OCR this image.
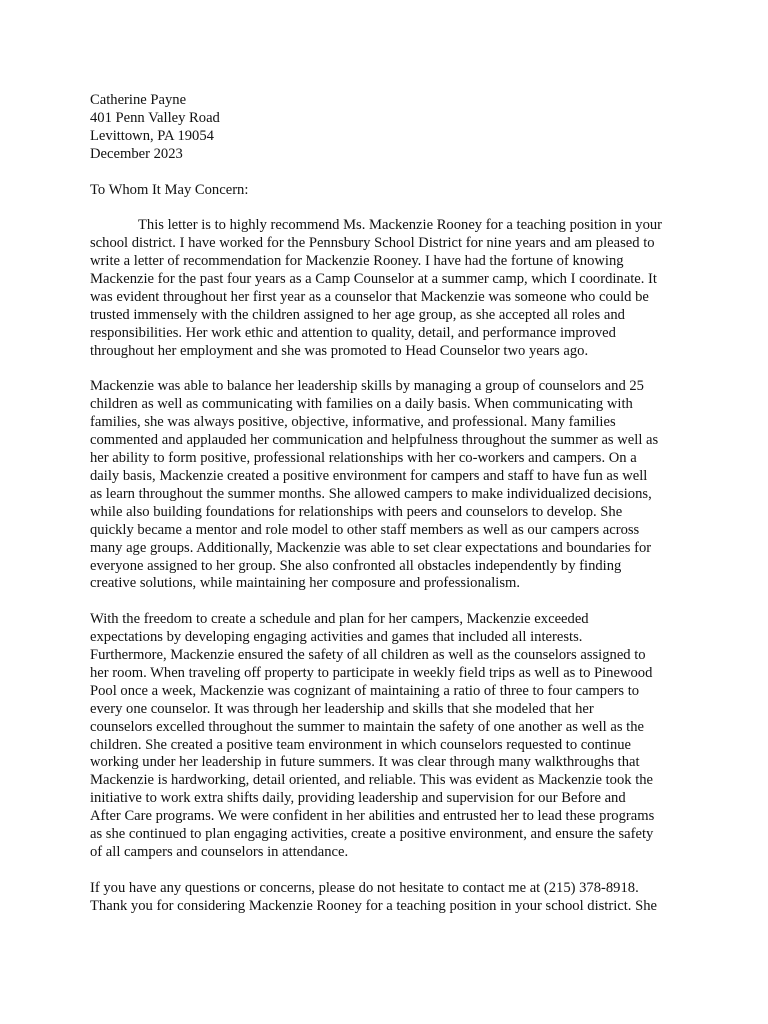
Catherine Payne
401 Penn Valley Road
Levittown, PA 19054
December 2023
To Whom It May Concern:
This letter is to highly recommend Ms. Mackenzie Rooney for a teaching position in your
school district. I have worked for the Pennsbury School District for nine years and am pleased to
write a letter of recommendation for Mackenzie Rooney. I have had the fortune of knowing
Mackenzie for the past four years as a Camp Counselor at a summer camp, which I coordinate. It
was evident throughout her first year as a counselor that Mackenzie was someone who could be
trusted immensely with the children assigned to her age group, as she accepted all roles and
responsibilities. Her work ethic and attention to quality, detail, and performance improved
throughout her employment and she was promoted to Head Counselor two years ago.
Mackenzie was able to balance her leadership skills by managing a group of counselors and 25
children as well as communicating with families on a daily basis. When communicating with
families, she was always positive, objective, informative, and professional. Many families
commented and applauded her communication and helpfulness throughout the summer as well as
her ability to form positive, professional relationships with her co-workers and campers. On a
daily basis, Mackenzie created a positive environment for campers and staff to have fun as well
as learn throughout the summer months. She allowed campers to make individualized decisions,
while also building foundations for relationships with peers and counselors to develop. She
quickly became a mentor and role model to other staff members as well as our campers across
many age groups. Additionally, Mackenzie was able to set clear expectations and boundaries for
everyone assigned to her group. She also confronted all obstacles independently by finding
creative solutions, while maintaining her composure and professionalism.
With the freedom to create a schedule and plan for her campers, Mackenzie exceeded
expectations by developing engaging activities and games that included all interests.
Furthermore, Mackenzie ensured the safety of all children as well as the counselors assigned to
her room. When traveling off property to participate in weekly field trips as well as to Pinewood
Pool once a week, Mackenzie was cognizant of maintaining a ratio of three to four campers to
every one counselor. It was through her leadership and skills that she modeled that her
counselors excelled throughout the summer to maintain the safety of one another as well as the
children. She created a positive team environment in which counselors requested to continue
working under her leadership in future summers. It was clear through many walkthroughs that
Mackenzie is hardworking, detail oriented, and reliable. This was evident as Mackenzie took the
initiative to work extra shifts daily, providing leadership and supervision for our Before and
After Care programs. We were confident in her abilities and entrusted her to lead these programs
as she continued to plan engaging activities, create a positive environment, and ensure the safety
of all campers and counselors in attendance.
If you have any questions or concerns, please do not hesitate to contact me at (215) 378-8918.
Thank you for considering Mackenzie Rooney for a teaching position in your school district. She
